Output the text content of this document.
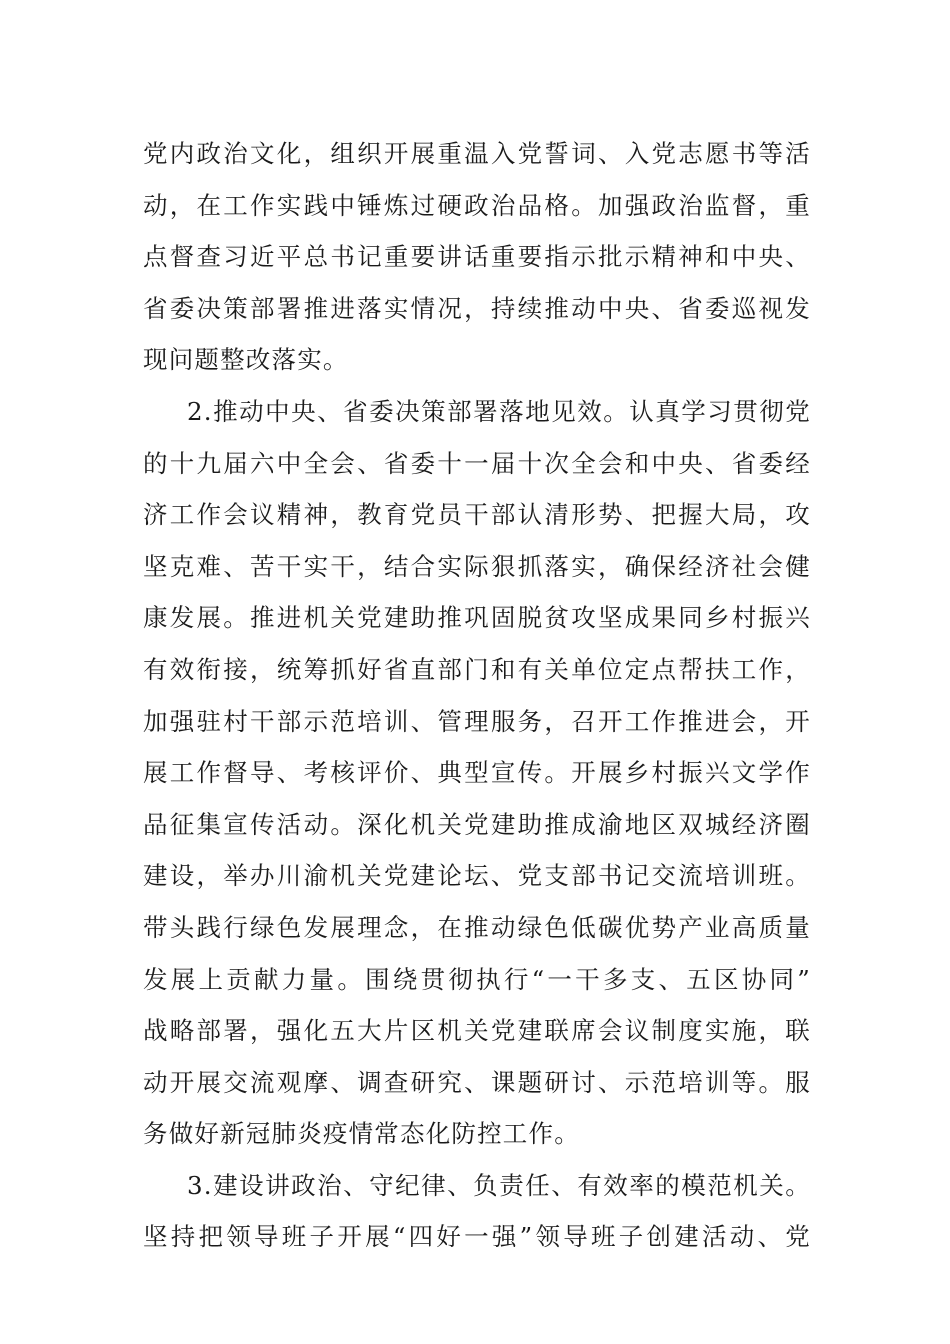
党内政治文化，组织开展重温入党誓词、入党志愿书等活
动，在工作实践中锤炼过硬政治品格。加强政治监督，重
点督查习近平总书记重要讲话重要指示批示精神和中央、
省委决策部署推进落实情况，持续推动中央、省委巡视发
现问题整改落实。
2.推动中央、省委决策部署落地见效。认真学习贯彻党
的十九届六中全会、省委十一届十次全会和中央、省委经
济工作会议精神，教育党员干部认清形势、把握大局，攻
坚克难、苦干实干，结合实际狠抓落实，确保经济社会健
康发展。推进机关党建助推巩固脱贫攻坚成果同乡村振兴
有效衔接，统筹抓好省直部门和有关单位定点帮扶工作，
加强驻村干部示范培训、管理服务，召开工作推进会，开
展工作督导、考核评价、典型宣传。开展乡村振兴文学作
品征集宣传活动。深化机关党建助推成渝地区双城经济圈
建设，举办川渝机关党建论坛、党支部书记交流培训班。
带头践行绿色发展理念，在推动绿色低碳优势产业高质量
发展上贡献力量。围绕贯彻执行“一干多支、五区协同”
战略部署，强化五大片区机关党建联席会议制度实施，联
动开展交流观摩、调查研究、课题研讨、示范培训等。服
务做好新冠肺炎疫情常态化防控工作。
3.建设讲政治、守纪律、负责任、有效率的模范机关。
坚持把领导班子开展“四好一强”领导班子创建活动、党
